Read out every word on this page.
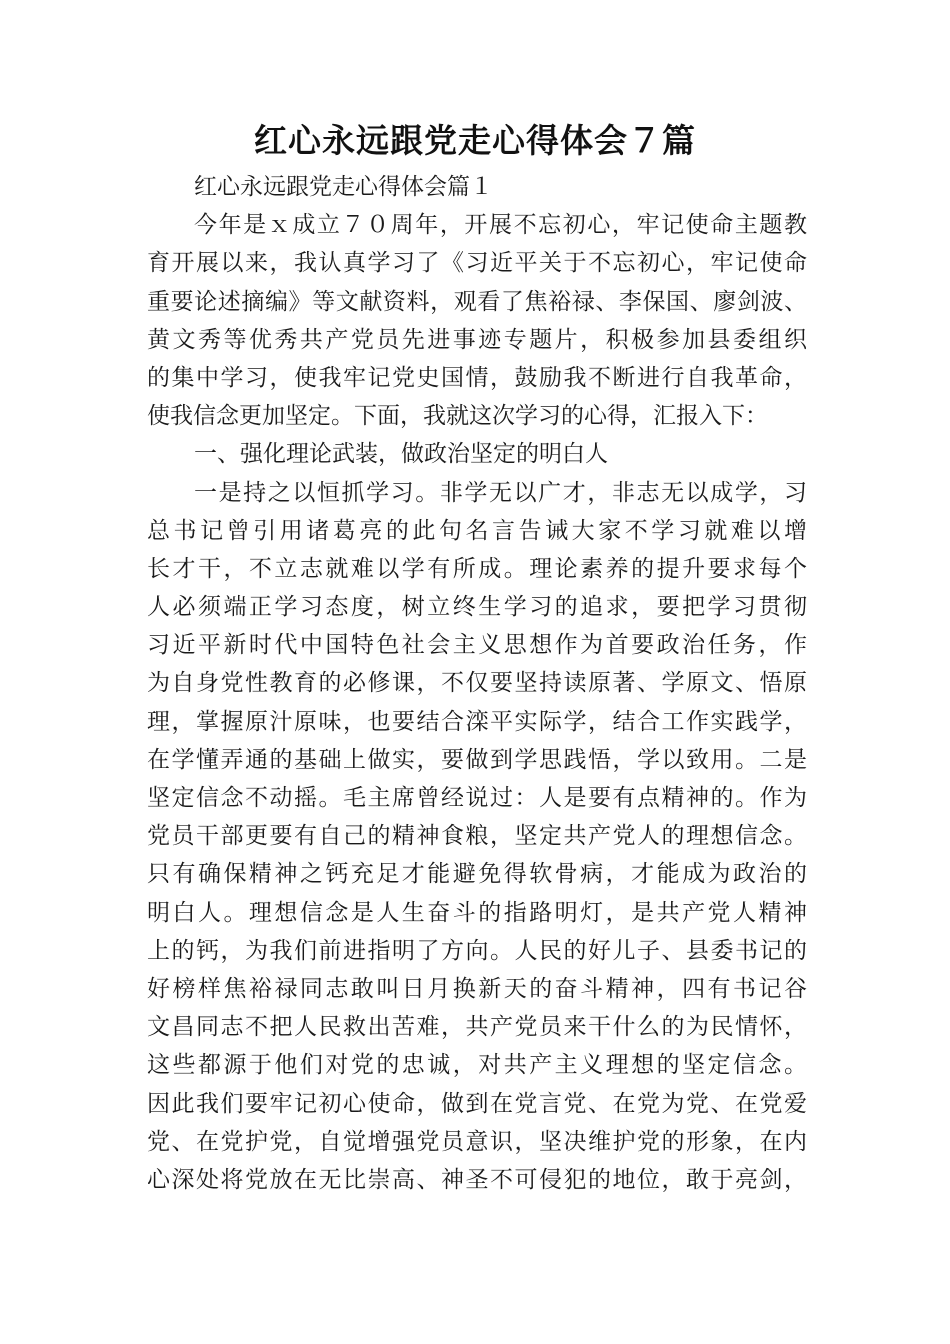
红心永远跟党走心得体会７篇
红心永远跟党走心得体会篇１
今年是ｘ成立７０周年，开展不忘初心，牢记使命主题教
育开展以来，我认真学习了《习近平关于不忘初心，牢记使命
重要论述摘编》等文献资料，观看了焦裕禄、李保国、廖剑波、
黄文秀等优秀共产党员先进事迹专题片，积极参加县委组织
的集中学习，使我牢记党史国情，鼓励我不断进行自我革命，
使我信念更加坚定。下面，我就这次学习的心得，汇报入下：
一、强化理论武装，做政治坚定的明白人
一是持之以恒抓学习。非学无以广才，非志无以成学，习
总书记曾引用诸葛亮的此句名言告诫大家不学习就难以增
长才干，不立志就难以学有所成。理论素养的提升要求每个
人必须端正学习态度，树立终生学习的追求，要把学习贯彻
习近平新时代中国特色社会主义思想作为首要政治任务，作
为自身党性教育的必修课，不仅要坚持读原著、学原文、悟原
理，掌握原汁原味，也要结合滦平实际学，结合工作实践学，
在学懂弄通的基础上做实，要做到学思践悟，学以致用。二是
坚定信念不动摇。毛主席曾经说过：人是要有点精神的。作为
党员干部更要有自己的精神食粮，坚定共产党人的理想信念。
只有确保精神之钙充足才能避免得软骨病，才能成为政治的
明白人。理想信念是人生奋斗的指路明灯，是共产党人精神
上的钙，为我们前进指明了方向。人民的好儿子、县委书记的
好榜样焦裕禄同志敢叫日月换新天的奋斗精神，四有书记谷
文昌同志不把人民救出苦难，共产党员来干什么的为民情怀，
这些都源于他们对党的忠诚，对共产主义理想的坚定信念。
因此我们要牢记初心使命，做到在党言党、在党为党、在党爱
党、在党护党，自觉增强党员意识，坚决维护党的形象，在内
心深处将党放在无比崇高、神圣不可侵犯的地位，敢于亮剑，
